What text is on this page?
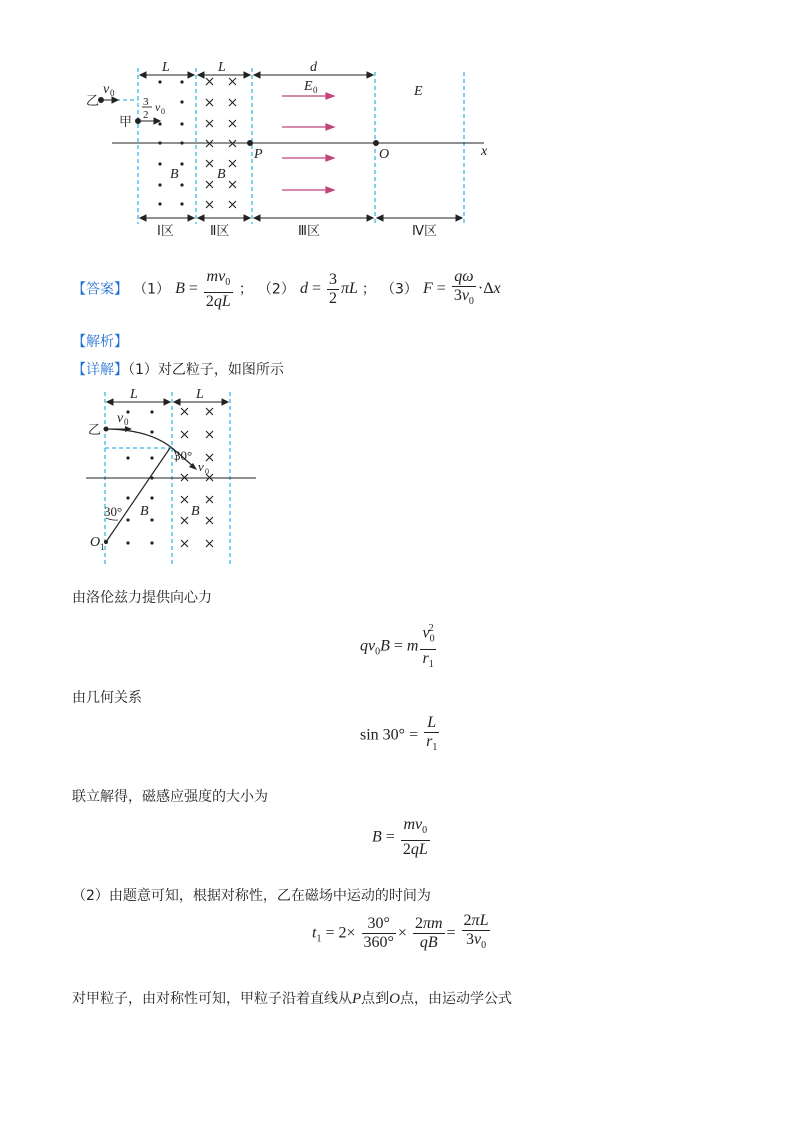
L	L	d
v 0
乙	3
2
v 0
甲
E 0	E
P	O	x
B	B
Ⅰ区	Ⅱ区	Ⅲ区	Ⅳ区
【答案】 （1） $B = \frac{mv_0}{2qL}$ ； （2） $d = \frac{3}{2}$ πL ； （3） $F = \frac{q\omega}{3v_0} \cdot\Delta x$
【解析】
【详解】（1）对乙粒子，如图所示
L	L
乙
v 0
30°
v 0
30° B	B
O 1
由洛伦兹力提供向心力
$qv_0B = m \frac{v_0^2}{r_1}$
由几何关系
$\sin 30^\circ = \frac{L}{r_1}$
联立解得，磁感应强度的大小为
$B = \frac{mv_0}{2qL}$
（2）由题意可知，根据对称性，乙在磁场中运动的时间为
$t_1 = 2\times \frac{30^\circ}{360^\circ} \times \frac{2\pi m}{qB} = \frac{2\pi L}{3v_0}$
对甲粒子，由对称性可知，甲粒子沿着直线从P点到O点，由运动学公式
